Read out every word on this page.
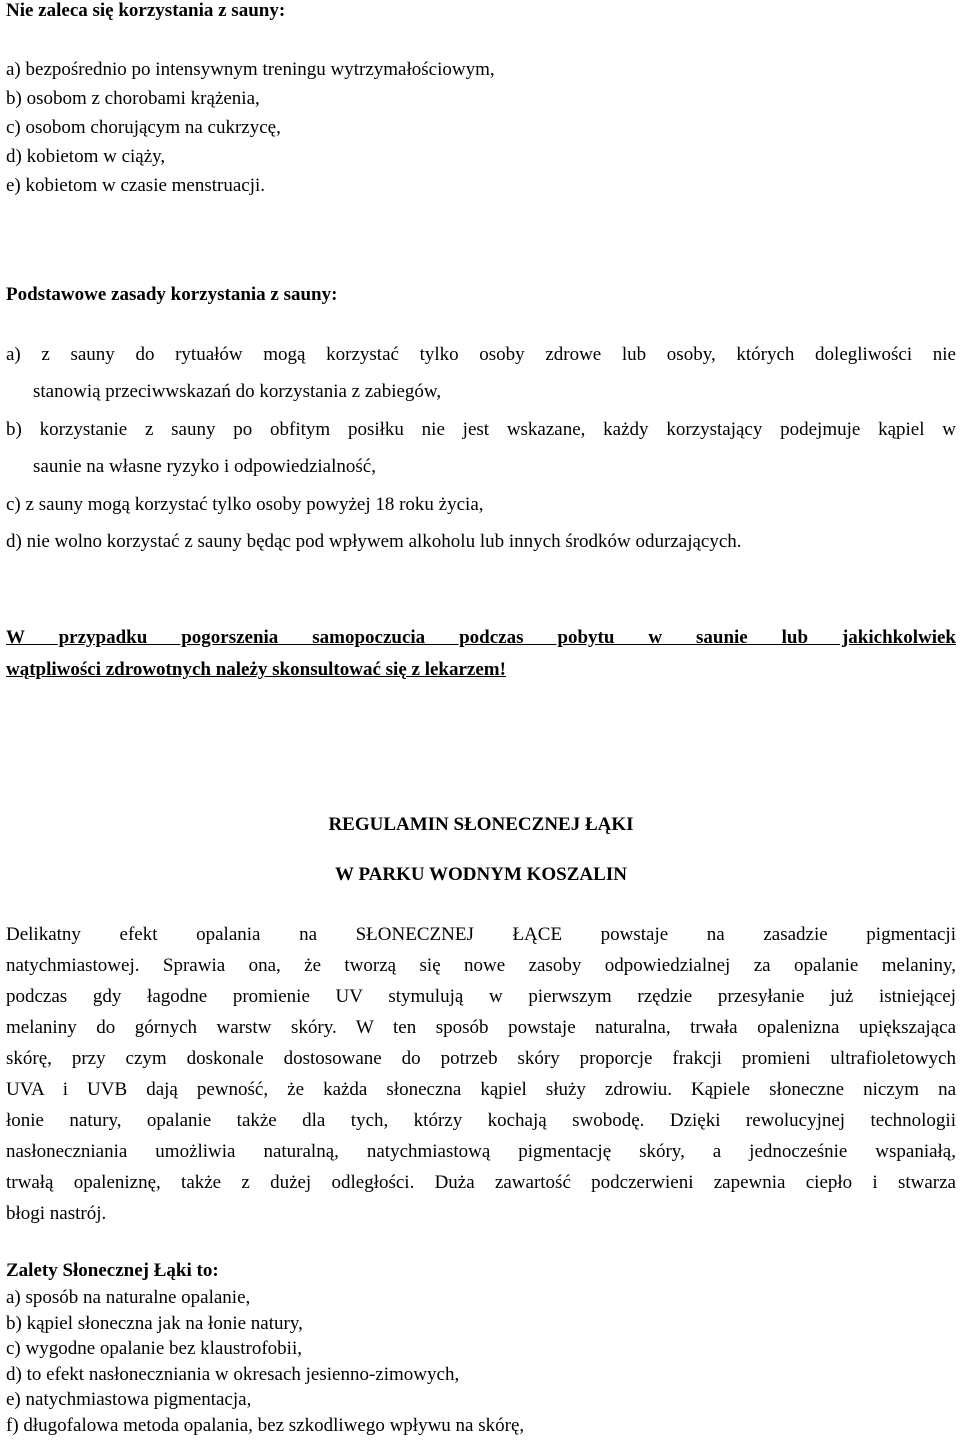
Nie zaleca się korzystania z sauny:
a) bezpośrednio po intensywnym treningu wytrzymałościowym,
b) osobom z chorobami krążenia,
c) osobom chorującym na cukrzycę,
d) kobietom w ciąży,
e) kobietom w czasie menstruacji.
Podstawowe zasady korzystania z sauny:
a) z sauny do rytuałów mogą korzystać tylko osoby zdrowe lub osoby, których dolegliwości nie
stanowią przeciwwskazań do korzystania z zabiegów,
b) korzystanie z sauny po obfitym posiłku nie jest wskazane, każdy korzystający podejmuje kąpiel w
saunie na własne ryzyko i odpowiedzialność,
c) z sauny mogą korzystać tylko osoby powyżej 18 roku życia,
d) nie wolno korzystać z sauny będąc pod wpływem alkoholu lub innych środków odurzających.
W przypadku pogorszenia samopoczucia podczas pobytu w saunie lub jakichkolwiek
wątpliwości zdrowotnych należy skonsultować się z lekarzem!
REGULAMIN SŁONECZNEJ ŁĄKI
W PARKU WODNYM KOSZALIN
Delikatny efekt opalania na SŁONECZNEJ ŁĄCE powstaje na zasadzie pigmentacji
natychmiastowej. Sprawia ona, że tworzą się nowe zasoby odpowiedzialnej za opalanie melaniny,
podczas gdy łagodne promienie UV stymulują w pierwszym rzędzie przesyłanie już istniejącej
melaniny do górnych warstw skóry. W ten sposób powstaje naturalna, trwała opalenizna upiększająca
skórę, przy czym doskonale dostosowane do potrzeb skóry proporcje frakcji promieni ultrafioletowych
UVA i UVB dają pewność, że każda słoneczna kąpiel służy zdrowiu. Kąpiele słoneczne niczym na
łonie natury, opalanie także dla tych, którzy kochają swobodę. Dzięki rewolucyjnej technologii
nasłoneczniania umożliwia naturalną, natychmiastową pigmentację skóry, a jednocześnie wspaniałą,
trwałą opaleniznę, także z dużej odległości. Duża zawartość podczerwieni zapewnia ciepło i stwarza
błogi nastrój.
Zalety Słonecznej Łąki to:
a) sposób na naturalne opalanie,
b) kąpiel słoneczna jak na łonie natury,
c) wygodne opalanie bez klaustrofobii,
d) to efekt nasłoneczniania w okresach jesienno-zimowych,
e) natychmiastowa pigmentacja,
f) długofalowa metoda opalania, bez szkodliwego wpływu na skórę,
